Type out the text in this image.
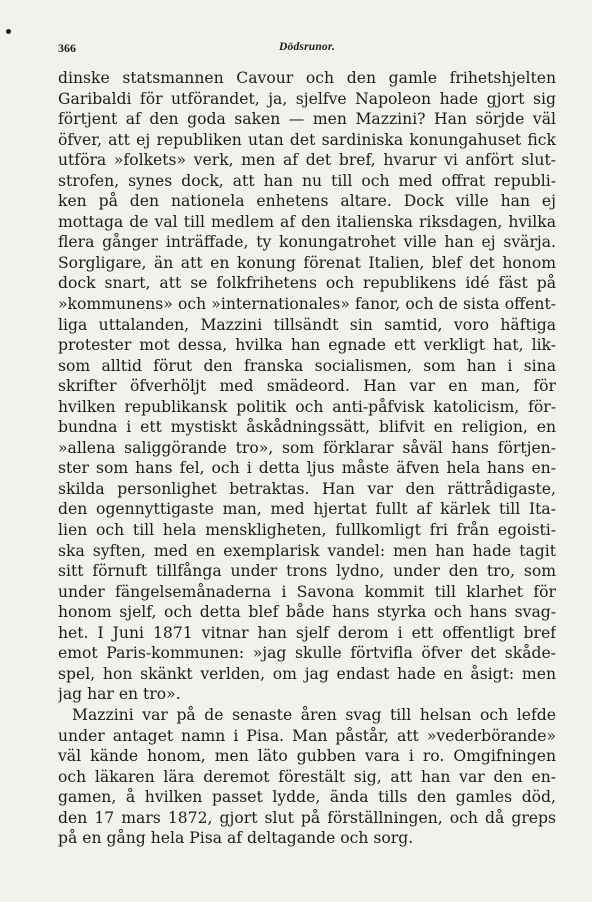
366	Dödsrunor.
dinske statsmannen Cavour och den gamle frihetshjelten
Garibaldi för utförandet, ja, sjelfve Napoleon hade gjort sig
förtjent af den goda saken — men Mazzini? Han sörjde väl
öfver, att ej republiken utan det sardiniska konungahuset fick
utföra »folkets» verk, men af det bref, hvarur vi anfört slut-
strofen, synes dock, att han nu till och med offrat republi-
ken på den nationela enhetens altare. Dock ville han ej
mottaga de val till medlem af den italienska riksdagen, hvilka
flera gånger inträffade, ty konungatrohet ville han ej svärja.
Sorgligare, än att en konung förenat Italien, blef det honom
dock snart, att se folkfrihetens och republikens idé fäst på
»kommunens» och »internationales» fanor, och de sista offent-
liga uttalanden, Mazzini tillsändt sin samtid, voro häftiga
protester mot dessa, hvilka han egnade ett verkligt hat, lik-
som alltid förut den franska socialismen, som han i sina
skrifter öfverhöljt med smädeord. Han var en man, för
hvilken republikansk politik och anti-påfvisk katolicism, för-
bundna i ett mystiskt åskådningssätt, blifvit en religion, en
»allena saliggörande tro», som förklarar såväl hans förtjen-
ster som hans fel, och i detta ljus måste äfven hela hans en-
skilda personlighet betraktas. Han var den rättrådigaste,
den ogennyttigaste man, med hjertat fullt af kärlek till Ita-
lien och till hela menskligheten, fullkomligt fri från egoisti-
ska syften, med en exemplarisk vandel: men han hade tagit
sitt förnuft tillfånga under trons lydno, under den tro, som
under fängelsemånaderna i Savona kommit till klarhet för
honom sjelf, och detta blef både hans styrka och hans svag-
het. I Juni 1871 vitnar han sjelf derom i ett offentligt bref
emot Paris-kommunen: »jag skulle förtvifla öfver det skåde-
spel, hon skänkt verlden, om jag endast hade en åsigt: men
jag har en tro».
Mazzini var på de senaste åren svag till helsan och lefde
under antaget namn i Pisa. Man påstår, att »vederbörande»
väl kände honom, men läto gubben vara i ro. Omgifningen
och läkaren lära deremot förestält sig, att han var den en-
gamen, å hvilken passet lydde, ända tills den gamles död,
den 17 mars 1872, gjort slut på förställningen, och då greps
på en gång hela Pisa af deltagande och sorg.
